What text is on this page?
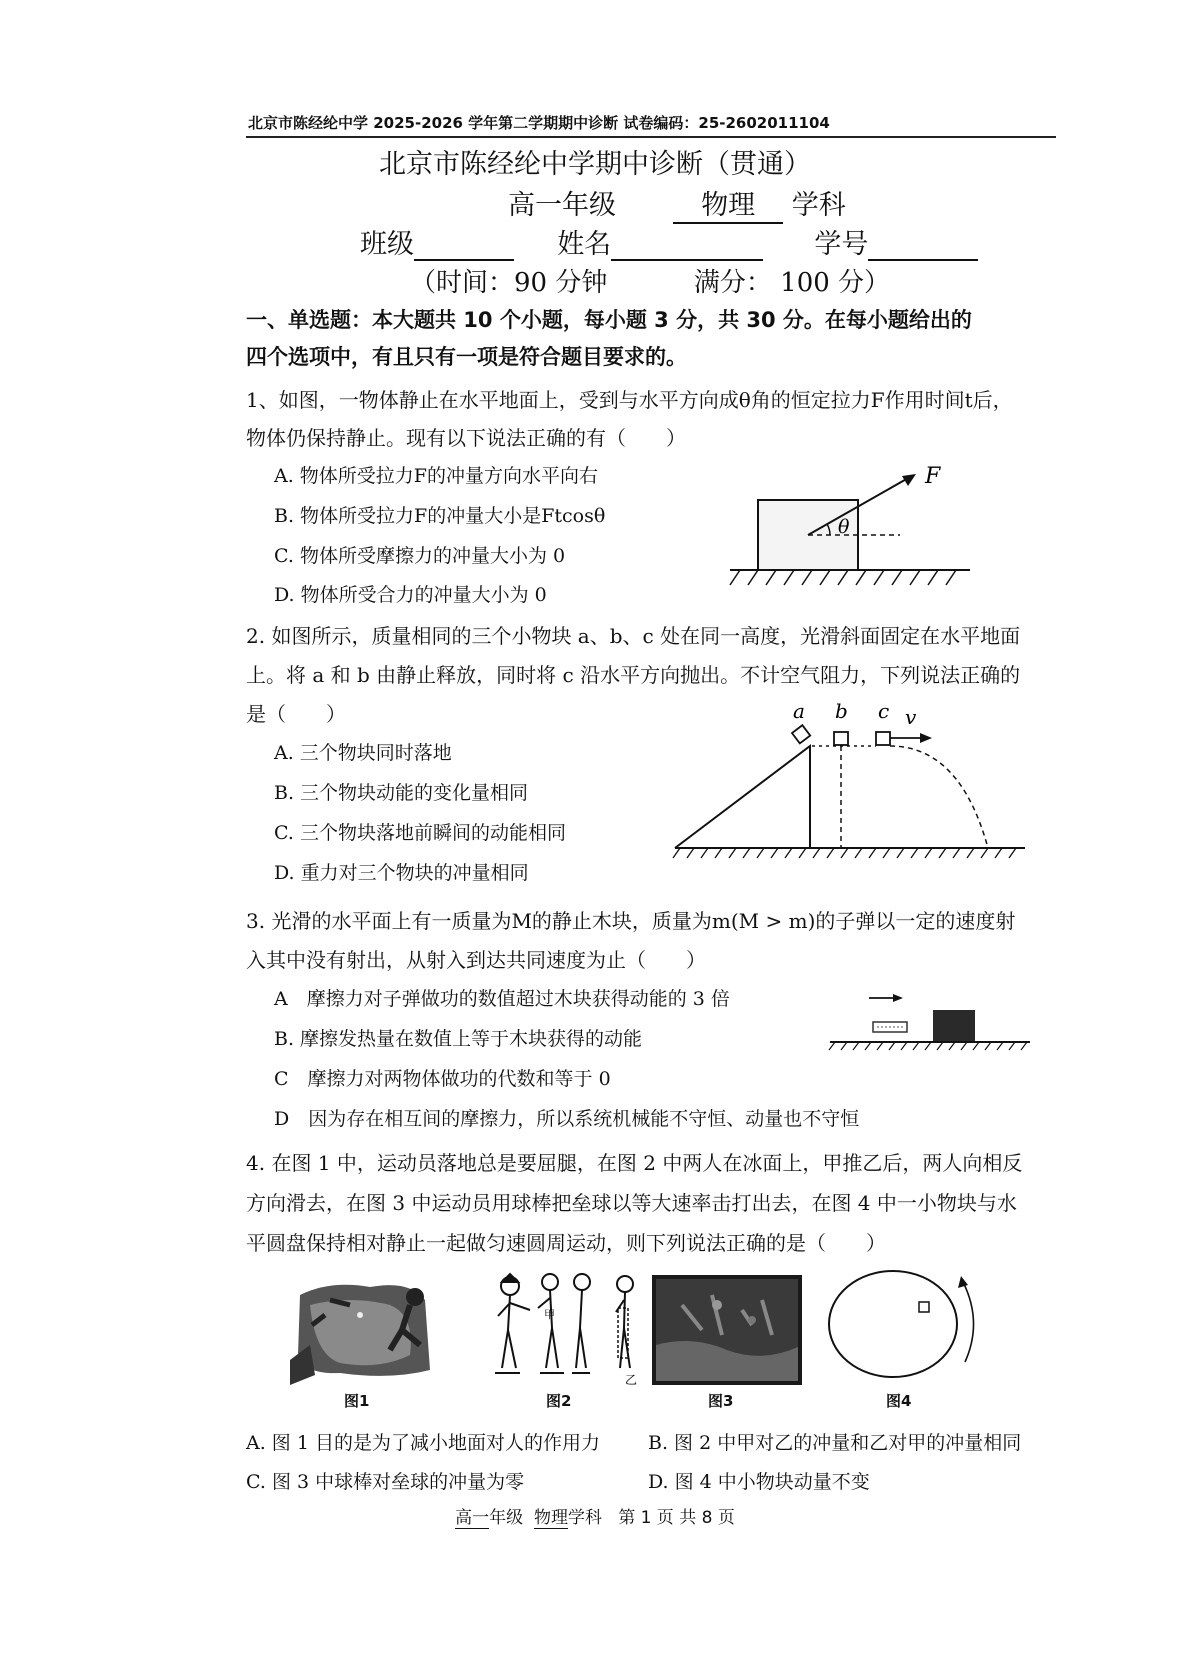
北京市陈经纶中学 2025-2026 学年第二学期期中诊断 试卷编码：25-2602011104
北京市陈经纶中学期中诊断（贯通）
高一年级	物理 学科
班级	姓名	学号
（时间：90 分钟	满分： 100 分）
一、单选题：本大题共 10 个小题，每小题 3 分，共 30 分。在每小题给出的
四个选项中，有且只有一项是符合题目要求的。
1、如图，一物体静止在水平地面上，受到与水平方向成θ角的恒定拉力F作用时间t后，
物体仍保持静止。现有以下说法正确的有（　　）
A. 物体所受拉力F的冲量方向水平向右
B. 物体所受拉力F的冲量大小是Ftcosθ
C. 物体所受摩擦力的冲量大小为 0
D. 物体所受合力的冲量大小为 0
F
θ
2. 如图所示，质量相同的三个小物块 a、b、c 处在同一高度，光滑斜面固定在水平地面
上。将 a 和 b 由静止释放，同时将 c 沿水平方向抛出。不计空气阻力，下列说法正确的
是（　　）
A. 三个物块同时落地
B. 三个物块动能的变化量相同
C. 三个物块落地前瞬间的动能相同
D. 重力对三个物块的冲量相同
a b c v
3. 光滑的水平面上有一质量为M的静止木块，质量为m(M > m)的子弹以一定的速度射
入其中没有射出，从射入到达共同速度为止（　　）
A　摩擦力对子弹做功的数值超过木块获得动能的 3 倍
B. 摩擦发热量在数值上等于木块获得的动能
C　摩擦力对两物体做功的代数和等于 0
D　因为存在相互间的摩擦力，所以系统机械能不守恒、动量也不守恒
4. 在图 1 中，运动员落地总是要屈腿，在图 2 中两人在冰面上，甲推乙后，两人向相反
方向滑去，在图 3 中运动员用球棒把垒球以等大速率击打出去，在图 4 中一小物块与水
平圆盘保持相对静止一起做匀速圆周运动，则下列说法正确的是（　　）
甲
乙
甲
图1	图2	图3	图4
A. 图 1 目的是为了减小地面对人的作用力	B. 图 2 中甲对乙的冲量和乙对甲的冲量相同
C. 图 3 中球棒对垒球的冲量为零	D. 图 4 中小物块动量不变
高一年级 物理学科 第 1 页 共 8 页
